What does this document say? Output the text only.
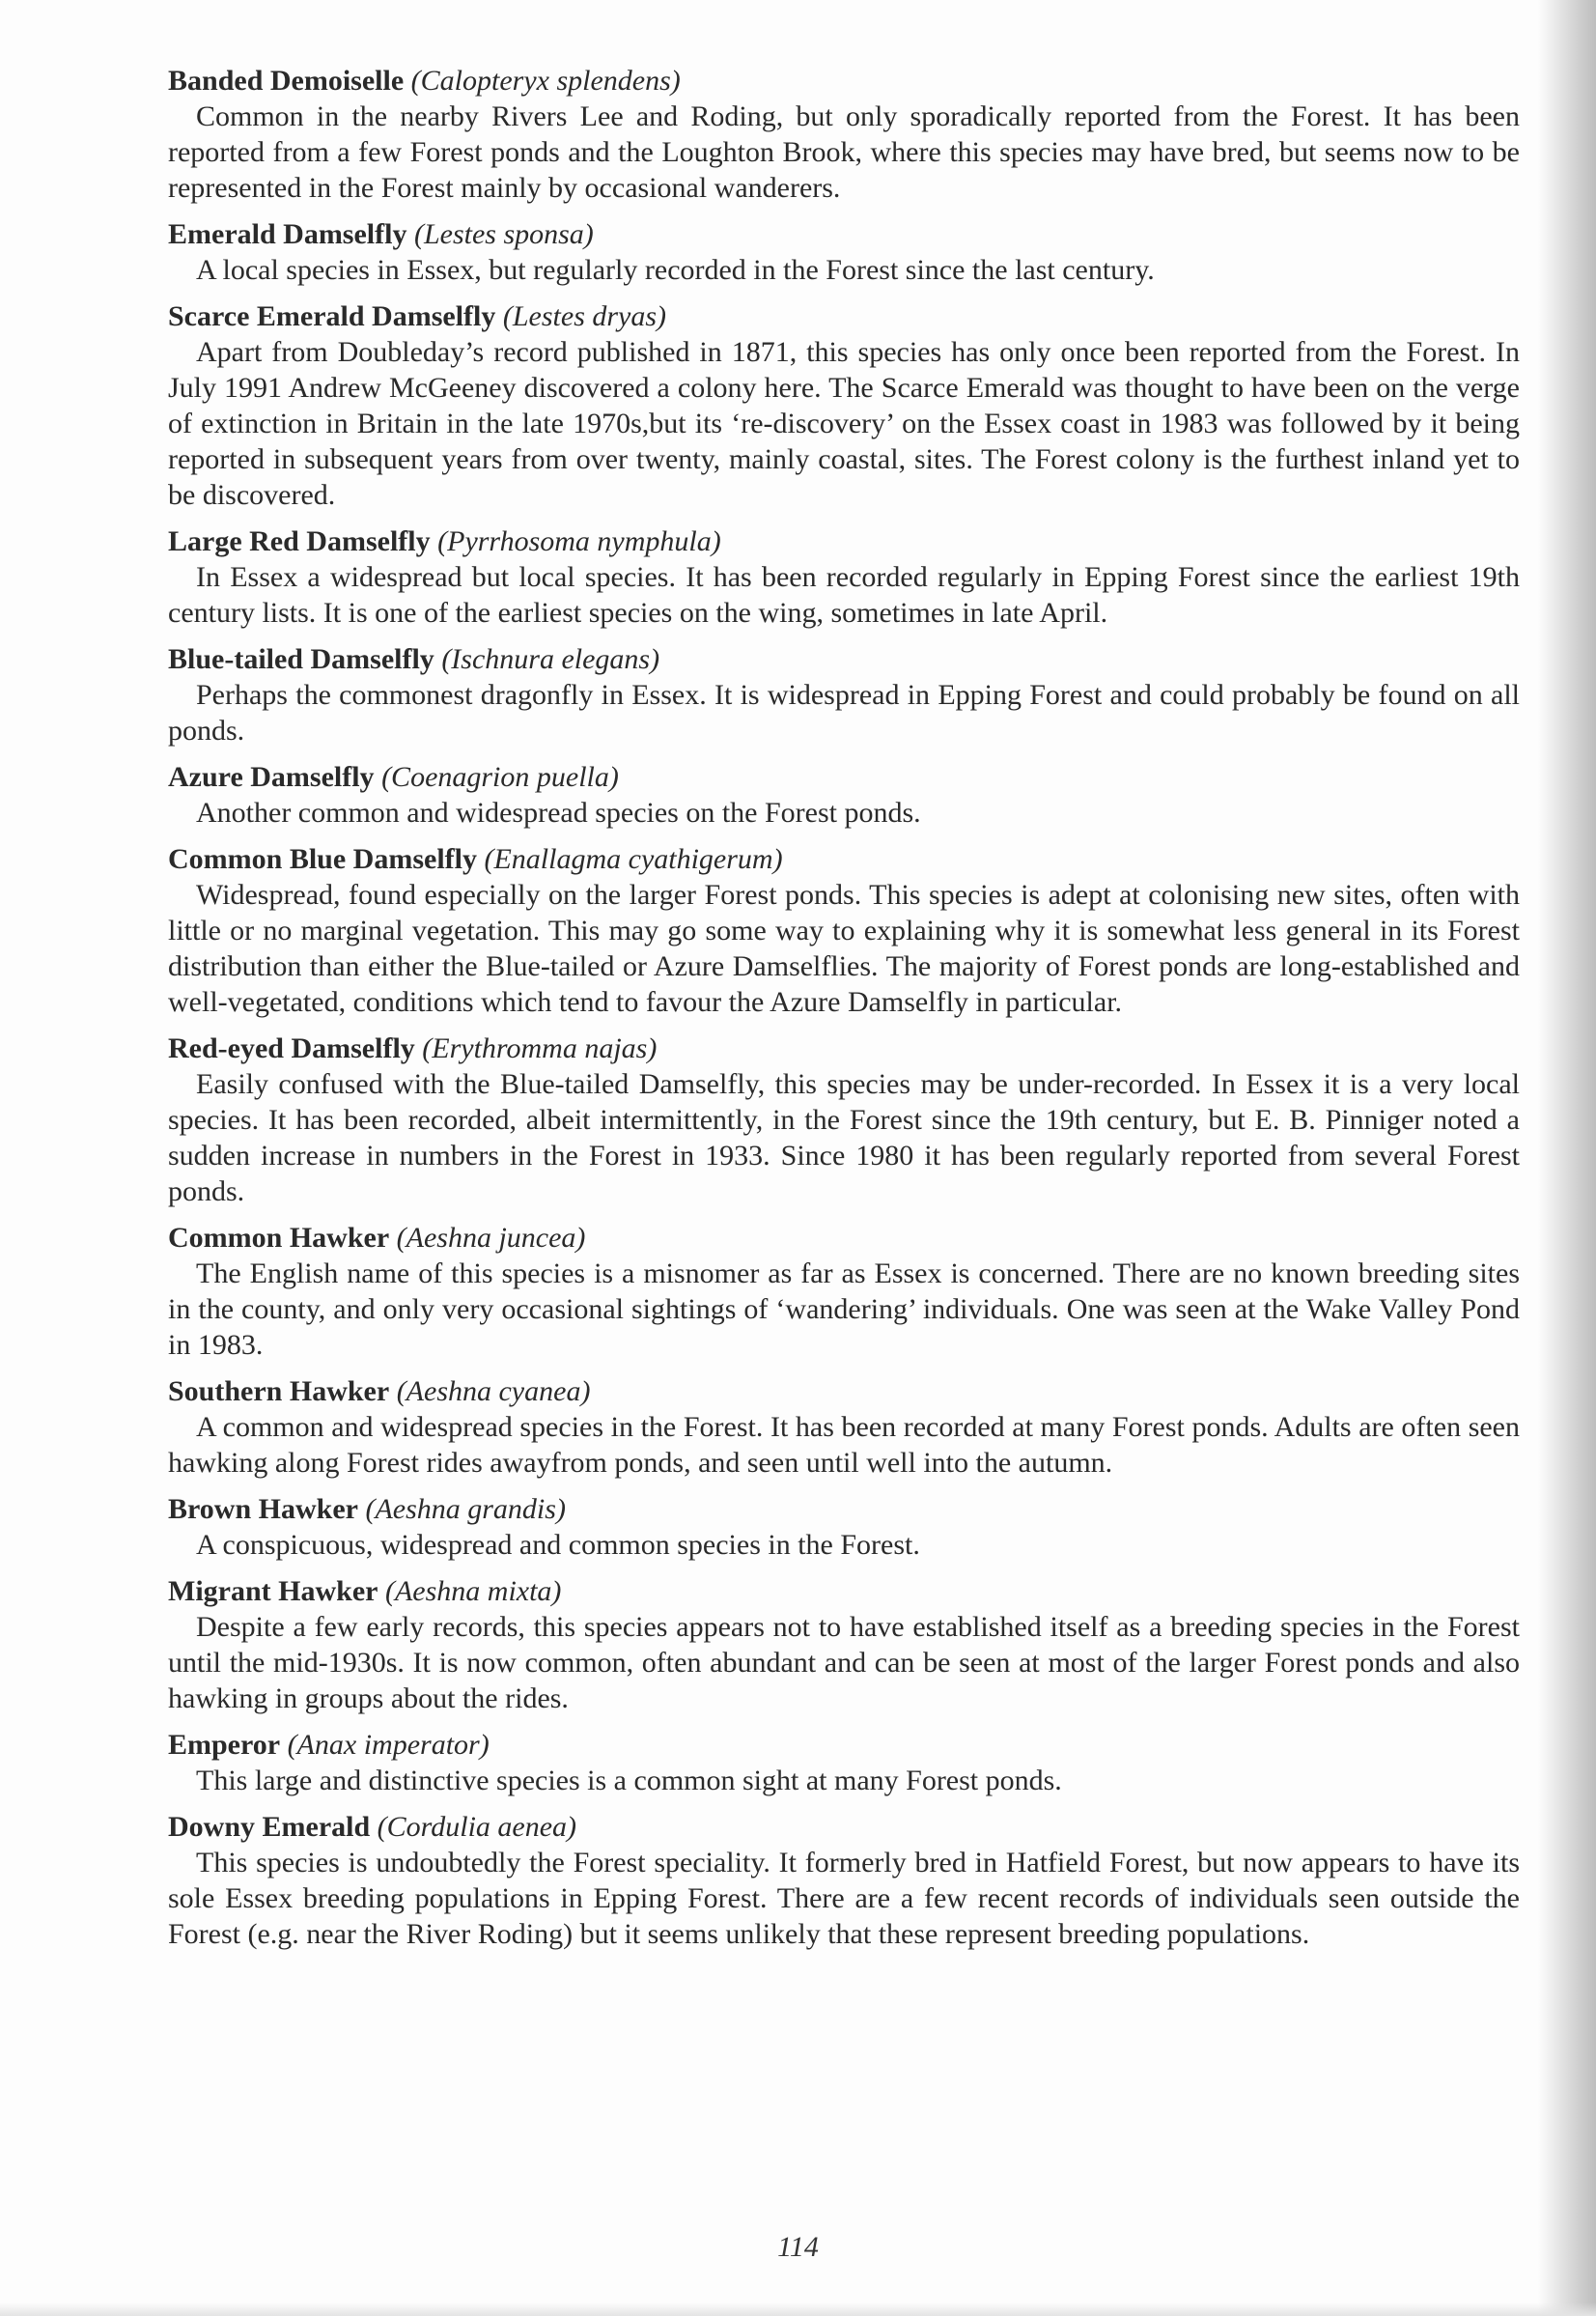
Banded Demoiselle (Calopteryx splendens)

Common in the nearby Rivers Lee and Roding, but only sporadically reported from the Forest. It has been reported from a few Forest ponds and the Loughton Brook, where this species may have bred, but seems now to be represented in the Forest mainly by occasional wanderers.

Emerald Damselfly (Lestes sponsa)

A local species in Essex, but regularly recorded in the Forest since the last century.

Scarce Emerald Damselfly (Lestes dryas)

Apart from Doubleday’s record published in 1871, this species has only once been reported from the Forest. In July 1991 Andrew McGeeney discovered a colony here. The Scarce Emerald was thought to have been on the verge of extinction in Britain in the late 1970s,but its ‘re-discovery’ on the Essex coast in 1983 was followed by it being reported in subsequent years from over twenty, mainly coastal, sites. The Forest colony is the furthest inland yet to be discovered.

Large Red Damselfly (Pyrrhosoma nymphula)

In Essex a widespread but local species. It has been recorded regularly in Epping Forest since the earliest 19th century lists. It is one of the earliest species on the wing, sometimes in late April.

Blue-tailed Damselfly (Ischnura elegans)

Perhaps the commonest dragonfly in Essex. It is widespread in Epping Forest and could probably be found on all ponds.

Azure Damselfly (Coenagrion puella)

Another common and widespread species on the Forest ponds.

Common Blue Damselfly (Enallagma cyathigerum)

Widespread, found especially on the larger Forest ponds. This species is adept at colonising new sites, often with little or no marginal vegetation. This may go some way to explaining why it is somewhat less general in its Forest distribution than either the Blue-tailed or Azure Damselflies. The majority of Forest ponds are long-established and well-vegetated, conditions which tend to favour the Azure Damselfly in particular.

Red-eyed Damselfly (Erythromma najas)

Easily confused with the Blue-tailed Damselfly, this species may be under-recorded. In Essex it is a very local species. It has been recorded, albeit intermittently, in the Forest since the 19th century, but E. B. Pinniger noted a sudden increase in numbers in the Forest in 1933. Since 1980 it has been regularly reported from several Forest ponds.

Common Hawker (Aeshna juncea)

The English name of this species is a misnomer as far as Essex is concerned. There are no known breeding sites in the county, and only very occasional sightings of ‘wandering’ individuals. One was seen at the Wake Valley Pond in 1983.

Southern Hawker (Aeshna cyanea)

A common and widespread species in the Forest. It has been recorded at many Forest ponds. Adults are often seen hawking along Forest rides awayfrom ponds, and seen until well into the autumn.

Brown Hawker (Aeshna grandis)

A conspicuous, widespread and common species in the Forest.

Migrant Hawker (Aeshna mixta)

Despite a few early records, this species appears not to have established itself as a breeding species in the Forest until the mid-1930s. It is now common, often abundant and can be seen at most of the larger Forest ponds and also hawking in groups about the rides.

Emperor (Anax imperator)

This large and distinctive species is a common sight at many Forest ponds.

Downy Emerald (Cordulia aenea)

This species is undoubtedly the Forest speciality. It formerly bred in Hatfield Forest, but now appears to have its sole Essex breeding populations in Epping Forest. There are a few recent records of individuals seen outside the Forest (e.g. near the River Roding) but it seems unlikely that these represent breeding populations.

114
